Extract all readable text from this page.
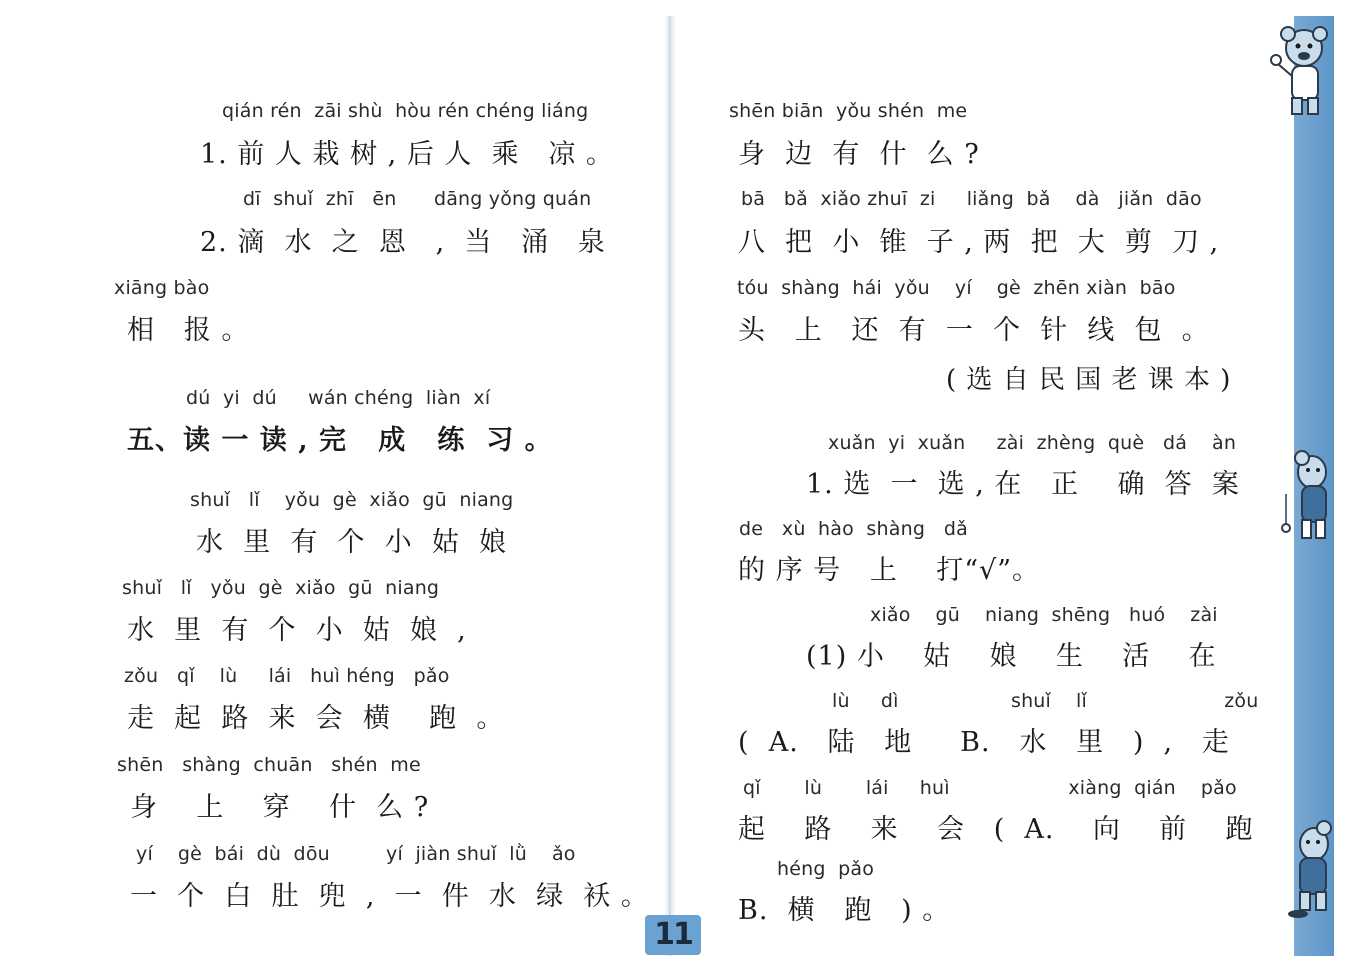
qián rén  zāi shù  hòu rén chéng liáng
1. 前 人 栽 树 , 后 人  乘   凉 。
dī  shuǐ  zhī   ēn      dāng yǒng quán
2. 滴  水  之  恩   ,  当   涌   泉
xiāng bào
相   报 。
dú  yi  dú     wán chéng  liàn  xí
五、读 一 读 , 完   成   练  习 。
shuǐ   lǐ    yǒu  gè  xiǎo  gū  niang
水  里  有  个  小  姑  娘
shuǐ   lǐ   yǒu  gè  xiǎo  gū  niang
水  里  有  个  小  姑  娘  ,
zǒu   qǐ    lù     lái   huì héng   pǎo
走  起  路  来  会  横    跑  。
shēn   shàng  chuān   shén  me
身    上    穿    什  么 ?
yí    gè  bái  dù  dōu         yí  jiàn shuǐ  lǜ    ǎo
一  个  白  肚  兜  ,  一  件  水  绿  袄 。
shēn biān  yǒu shén  me
身  边  有  什  么 ?
bā   bǎ  xiǎo zhuī  zi     liǎng  bǎ    dà   jiǎn  dāo
八  把  小  锥  子 , 两  把  大  剪  刀 ,
tóu  shàng  hái  yǒu    yí    gè  zhēn xiàn  bāo
头   上   还  有  一  个  针  线  包  。
( 选 自 民 国 老 课 本 )
xuǎn  yi  xuǎn     zài  zhèng  què   dá    àn
1. 选  一  选 , 在   正    确  答  案
de   xù  hào  shàng   dǎ
的 序 号   上    打“√”。
xiǎo    gū    niang  shēng   huó    zài
(1) 小    姑    娘    生    活    在
lù     dì                  shuǐ    lǐ                      zǒu
(  A.   陆   地     B.   水   里   )  ,   走
qǐ       lù       lái     huì                   xiàng  qián    pǎo
起    路    来    会   (  A.    向    前    跑
héng  pǎo
B.  横   跑   ) 。
11
